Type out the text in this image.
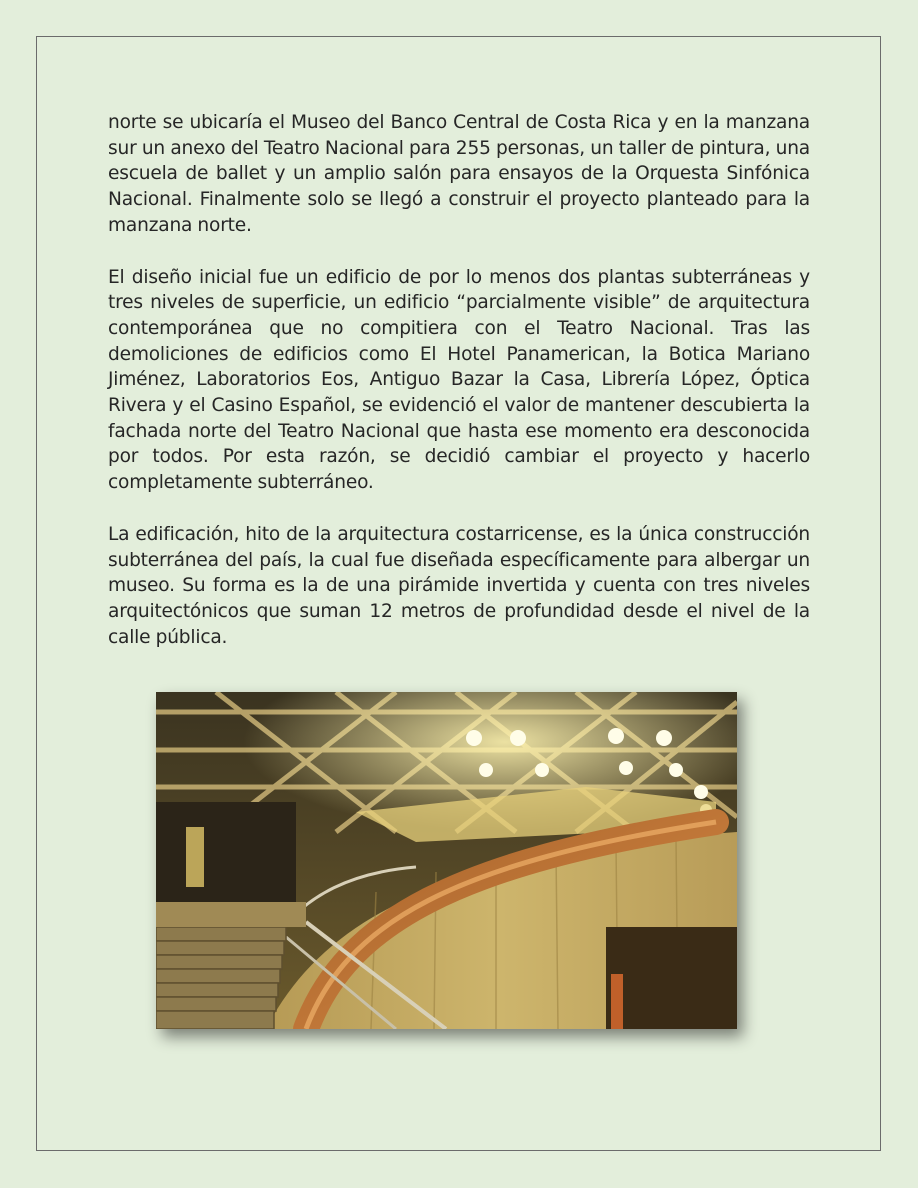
norte se ubicaría el Museo del Banco Central de Costa Rica y en la manzana sur un anexo del Teatro Nacional para 255 personas, un taller de pintura, una escuela de ballet y un amplio salón para ensayos de la Orquesta Sinfónica Nacional. Finalmente solo se llegó a construir el proyecto planteado para la manzana norte.

El diseño inicial fue un edificio de por lo menos dos plantas subterráneas y tres niveles de superficie, un edificio “parcialmente visible” de arquitectura contemporánea que no compitiera con el Teatro Nacional. Tras las demoliciones de edificios como El Hotel Panamerican, la Botica Mariano Jiménez, Laboratorios Eos, Antiguo Bazar la Casa, Librería López, Óptica Rivera y el Casino Español, se evidenció el valor de mantener descubierta la fachada norte del Teatro Nacional que hasta ese momento era desconocida por todos. Por esta razón, se decidió cambiar el proyecto y hacerlo completamente subterráneo.

La edificación, hito de la arquitectura costarricense, es la única construcción subterránea del país, la cual fue diseñada específicamente para albergar un museo. Su forma es la de una pirámide invertida y cuenta con tres niveles arquitectónicos que suman 12 metros de profundidad desde el nivel de la calle pública.
